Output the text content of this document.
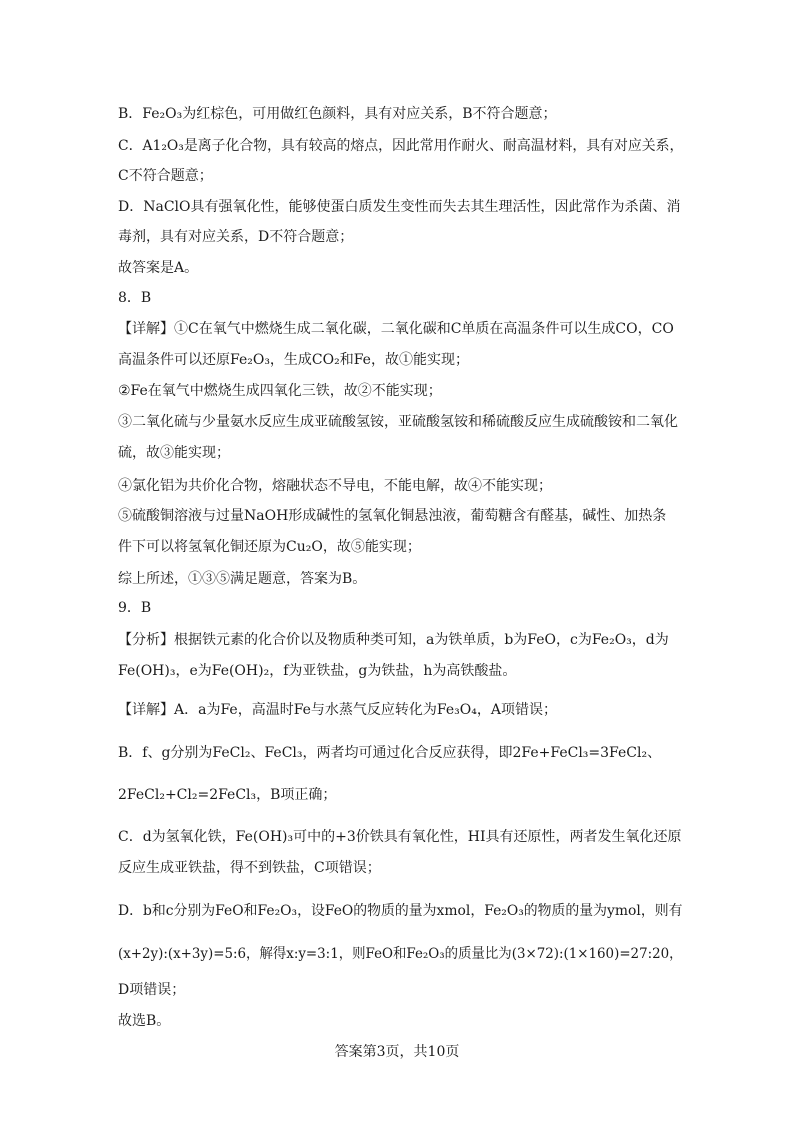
B．Fe₂O₃为红棕色，可用做红色颜料，具有对应关系，B不符合题意；
C．A1₂O₃是离子化合物，具有较高的熔点，因此常用作耐火、耐高温材料，具有对应关系，
C不符合题意；
D．NaClO具有强氧化性，能够使蛋白质发生变性而失去其生理活性，因此常作为杀菌、消
毒剂，具有对应关系，D不符合题意；
故答案是A。
8．B
【详解】①C在氧气中燃烧生成二氧化碳，二氧化碳和C单质在高温条件可以生成CO，CO
高温条件可以还原Fe₂O₃，生成CO₂和Fe，故①能实现；
②Fe在氧气中燃烧生成四氧化三铁，故②不能实现；
③二氧化硫与少量氨水反应生成亚硫酸氢铵，亚硫酸氢铵和稀硫酸反应生成硫酸铵和二氧化
硫，故③能实现；
④氯化铝为共价化合物，熔融状态不导电，不能电解，故④不能实现；
⑤硫酸铜溶液与过量NaOH形成碱性的氢氧化铜悬浊液，葡萄糖含有醛基，碱性、加热条
件下可以将氢氧化铜还原为Cu₂O，故⑤能实现；
综上所述，①③⑤满足题意，答案为B。
9．B
【分析】根据铁元素的化合价以及物质种类可知，a为铁单质，b为FeO，c为Fe₂O₃，d为
Fe(OH)₃，e为Fe(OH)₂，f为亚铁盐，g为铁盐，h为高铁酸盐。
【详解】A．a为Fe，高温时Fe与水蒸气反应转化为Fe₃O₄，A项错误；
B．f、g分别为FeCl₂、FeCl₃，两者均可通过化合反应获得，即2Fe+FeCl₃=3FeCl₂、
2FeCl₂+Cl₂=2FeCl₃，B项正确；
C．d为氢氧化铁，Fe(OH)₃可中的+3价铁具有氧化性，HI具有还原性，两者发生氧化还原
反应生成亚铁盐，得不到铁盐，C项错误；
D．b和c分别为FeO和Fe₂O₃，设FeO的物质的量为xmol，Fe₂O₃的物质的量为ymol，则有
(x+2y):(x+3y)=5:6，解得x:y=3:1，则FeO和Fe₂O₃的质量比为(3×72):(1×160)=27:20，
D项错误；
故选B。
答案第3页，共10页
